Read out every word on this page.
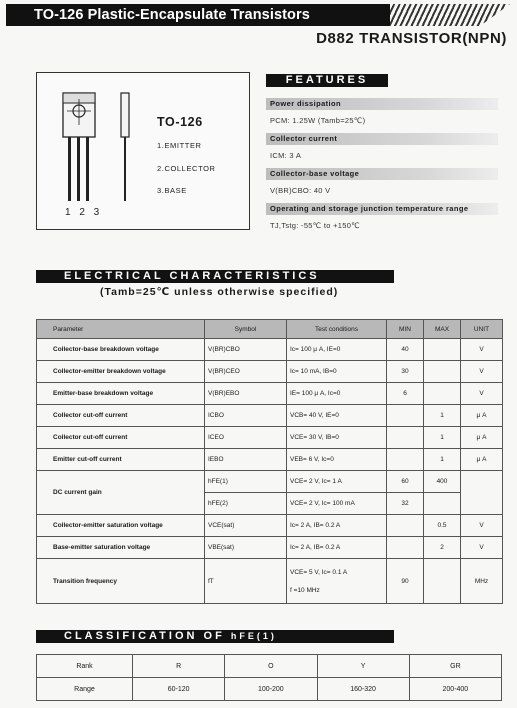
TO-126 Plastic-Encapsulate Transistors
D882 TRANSISTOR(NPN)
TO-126
1.EMITTER
2.COLLECTOR
3.BASE
1 2 3
FEATURES
Power dissipation
PCM: 1.25W (Tamb=25℃)
Collector current
ICM: 3 A
Collector-base voltage
V(BR)CBO: 40 V
Operating and storage junction temperature range
TJ,Tstg: -55℃ to +150℃
ELECTRICAL CHARACTERISTICS
(Tamb=25℃ unless otherwise specified)
Parameter	Symbol	Test conditions	MIN	MAX	UNIT
Collector-base breakdown voltage	V(BR)CBO	Ic= 100 μ A, IE=0	40		V
Collector-emitter breakdown voltage	V(BR)CEO	Ic= 10 mA, IB=0	30		V
Emitter-base breakdown voltage	V(BR)EBO	IE= 100 μ A, Ic=0	6		V
Collector cut-off current	ICBO	VCB= 40 V, IE=0		1	μ A
Collector cut-off current	ICEO	VCE= 30 V, IB=0		1	μ A
Emitter cut-off current	IEBO	VEB= 6 V, Ic=0		1	μ A
DC current gain	hFE(1)	VCE= 2 V, Ic= 1 A	60	400	
	hFE(2)	VCE= 2 V, Ic= 100 mA	32		
Collector-emitter saturation voltage	VCE(sat)	Ic= 2 A, IB= 0.2 A		0.5	V
Base-emitter saturation voltage	VBE(sat)	Ic= 2 A, IB= 0.2 A		2	V
Transition frequency	fT	VCE= 5 V, Ic= 0.1 A
f =10 MHz	90		MHz
CLASSIFICATION OF hFE(1)
Rank	R	O	Y	GR
Range	60-120	100-200	160-320	200-400
